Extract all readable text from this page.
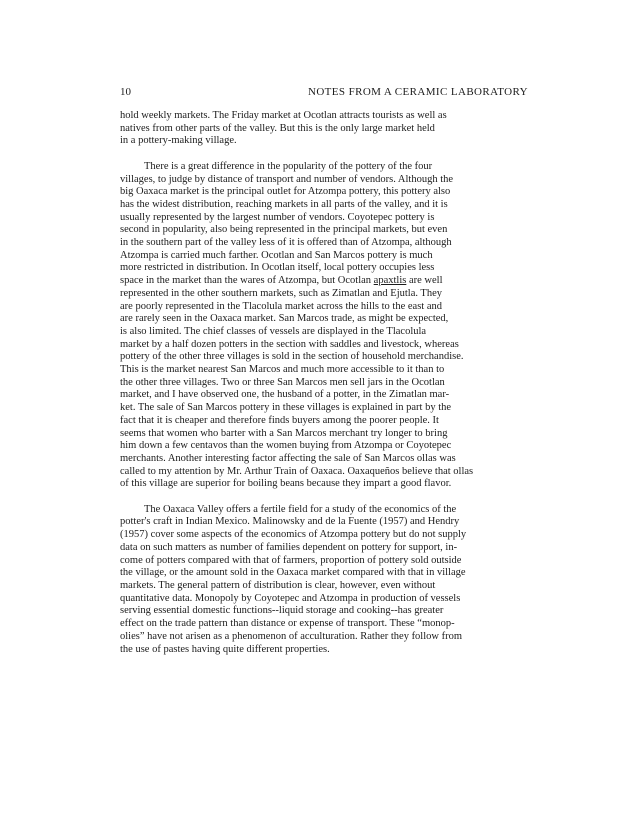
10	NOTES FROM A CERAMIC LABORATORY

hold weekly markets. The Friday market at Ocotlan attracts tourists as well as
natives from other parts of the valley. But this is the only large market held
in a pottery-making village.

There is a great difference in the popularity of the pottery of the four
villages, to judge by distance of transport and number of vendors. Although the
big Oaxaca market is the principal outlet for Atzompa pottery, this pottery also
has the widest distribution, reaching markets in all parts of the valley, and it is
usually represented by the largest number of vendors. Coyotepec pottery is
second in popularity, also being represented in the principal markets, but even
in the southern part of the valley less of it is offered than of Atzompa, although
Atzompa is carried much farther. Ocotlan and San Marcos pottery is much
more restricted in distribution. In Ocotlan itself, local pottery occupies less
space in the market than the wares of Atzompa, but Ocotlan apaxtlis are well
represented in the other southern markets, such as Zimatlan and Ejutla. They
are poorly represented in the Tlacolula market across the hills to the east and
are rarely seen in the Oaxaca market. San Marcos trade, as might be expected,
is also limited. The chief classes of vessels are displayed in the Tlacolula
market by a half dozen potters in the section with saddles and livestock, whereas
pottery of the other three villages is sold in the section of household merchandise.
This is the market nearest San Marcos and much more accessible to it than to
the other three villages. Two or three San Marcos men sell jars in the Ocotlan
market, and I have observed one, the husband of a potter, in the Zimatlan mar-
ket. The sale of San Marcos pottery in these villages is explained in part by the
fact that it is cheaper and therefore finds buyers among the poorer people. It
seems that women who barter with a San Marcos merchant try longer to bring
him down a few centavos than the women buying from Atzompa or Coyotepec
merchants. Another interesting factor affecting the sale of San Marcos ollas was
called to my attention by Mr. Arthur Train of Oaxaca. Oaxaqueños believe that ollas
of this village are superior for boiling beans because they impart a good flavor.

The Oaxaca Valley offers a fertile field for a study of the economics of the
potter's craft in Indian Mexico. Malinowsky and de la Fuente (1957) and Hendry
(1957) cover some aspects of the economics of Atzompa pottery but do not supply
data on such matters as number of families dependent on pottery for support, in-
come of potters compared with that of farmers, proportion of pottery sold outside
the village, or the amount sold in the Oaxaca market compared with that in village
markets. The general pattern of distribution is clear, however, even without
quantitative data. Monopoly by Coyotepec and Atzompa in production of vessels
serving essential domestic functions--liquid storage and cooking--has greater
effect on the trade pattern than distance or expense of transport. These “monop-
olies” have not arisen as a phenomenon of acculturation. Rather they follow from
the use of pastes having quite different properties.
